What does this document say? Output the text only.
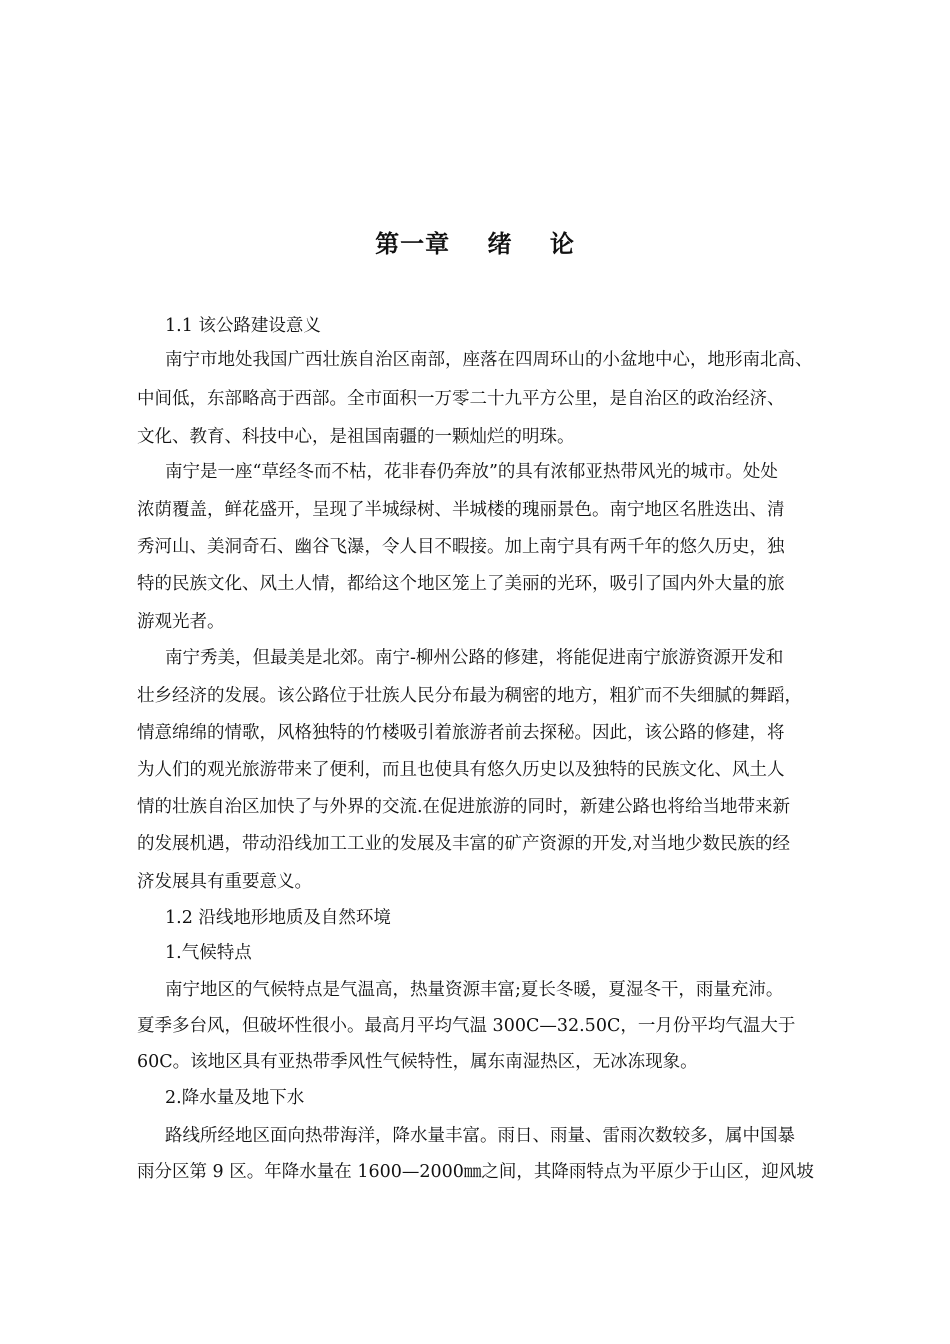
第一章    绪    论
1.1 该公路建设意义
南宁市地处我国广西壮族自治区南部，座落在四周环山的小盆地中心，地形南北高、
中间低，东部略高于西部。全市面积一万零二十九平方公里，是自治区的政治经济、
文化、教育、科技中心，是祖国南疆的一颗灿烂的明珠。
南宁是一座“草经冬而不枯，花非春仍奔放”的具有浓郁亚热带风光的城市。处处
浓荫覆盖，鲜花盛开，呈现了半城绿树、半城楼的瑰丽景色。南宁地区名胜迭出、清
秀河山、美洞奇石、幽谷飞瀑，令人目不暇接。加上南宁具有两千年的悠久历史，独
特的民族文化、风土人情，都给这个地区笼上了美丽的光环，吸引了国内外大量的旅
游观光者。
南宁秀美，但最美是北郊。南宁-柳州公路的修建，将能促进南宁旅游资源开发和
壮乡经济的发展。该公路位于壮族人民分布最为稠密的地方，粗犷而不失细腻的舞蹈，
情意绵绵的情歌，风格独特的竹楼吸引着旅游者前去探秘。因此，该公路的修建，将
为人们的观光旅游带来了便利，而且也使具有悠久历史以及独特的民族文化、风土人
情的壮族自治区加快了与外界的交流.在促进旅游的同时，新建公路也将给当地带来新
的发展机遇，带动沿线加工工业的发展及丰富的矿产资源的开发,对当地少数民族的经
济发展具有重要意义。
1.2 沿线地形地质及自然环境
1.气候特点
南宁地区的气候特点是气温高，热量资源丰富;夏长冬暖，夏湿冬干，雨量充沛。
夏季多台风，但破坏性很小。最高月平均气温 300C—32.50C，一月份平均气温大于
60C。该地区具有亚热带季风性气候特性，属东南湿热区，无冰冻现象。
2.降水量及地下水
路线所经地区面向热带海洋，降水量丰富。雨日、雨量、雷雨次数较多，属中国暴
雨分区第 9 区。年降水量在 1600—2000㎜之间，其降雨特点为平原少于山区，迎风坡
